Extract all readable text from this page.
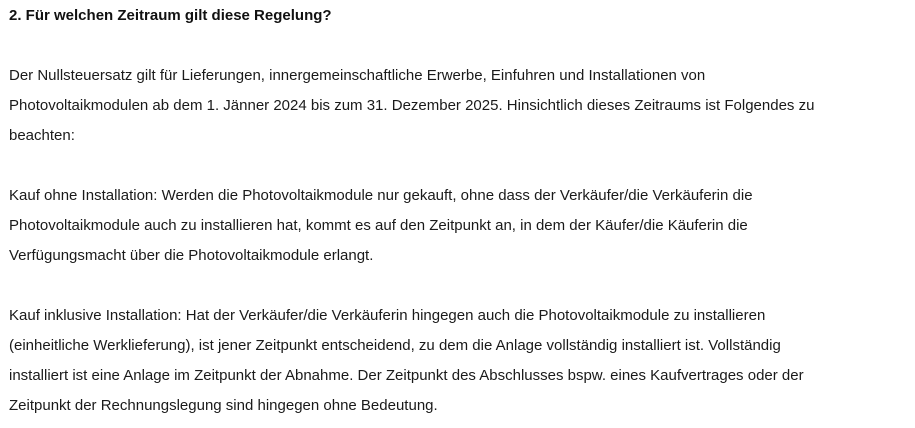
2. Für welchen Zeitraum gilt diese Regelung?

Der Nullsteuersatz gilt für Lieferungen, innergemeinschaftliche Erwerbe, Einfuhren und Installationen von
Photovoltaikmodulen ab dem 1. Jänner 2024 bis zum 31. Dezember 2025. Hinsichtlich dieses Zeitraums ist Folgendes zu
beachten:

Kauf ohne Installation: Werden die Photovoltaikmodule nur gekauft, ohne dass der Verkäufer/die Verkäuferin die
Photovoltaikmodule auch zu installieren hat, kommt es auf den Zeitpunkt an, in dem der Käufer/die Käuferin die
Verfügungsmacht über die Photovoltaikmodule erlangt.

Kauf inklusive Installation: Hat der Verkäufer/die Verkäuferin hingegen auch die Photovoltaikmodule zu installieren
(einheitliche Werklieferung), ist jener Zeitpunkt entscheidend, zu dem die Anlage vollständig installiert ist. Vollständig
installiert ist eine Anlage im Zeitpunkt der Abnahme. Der Zeitpunkt des Abschlusses bspw. eines Kaufvertrages oder der
Zeitpunkt der Rechnungslegung sind hingegen ohne Bedeutung.
